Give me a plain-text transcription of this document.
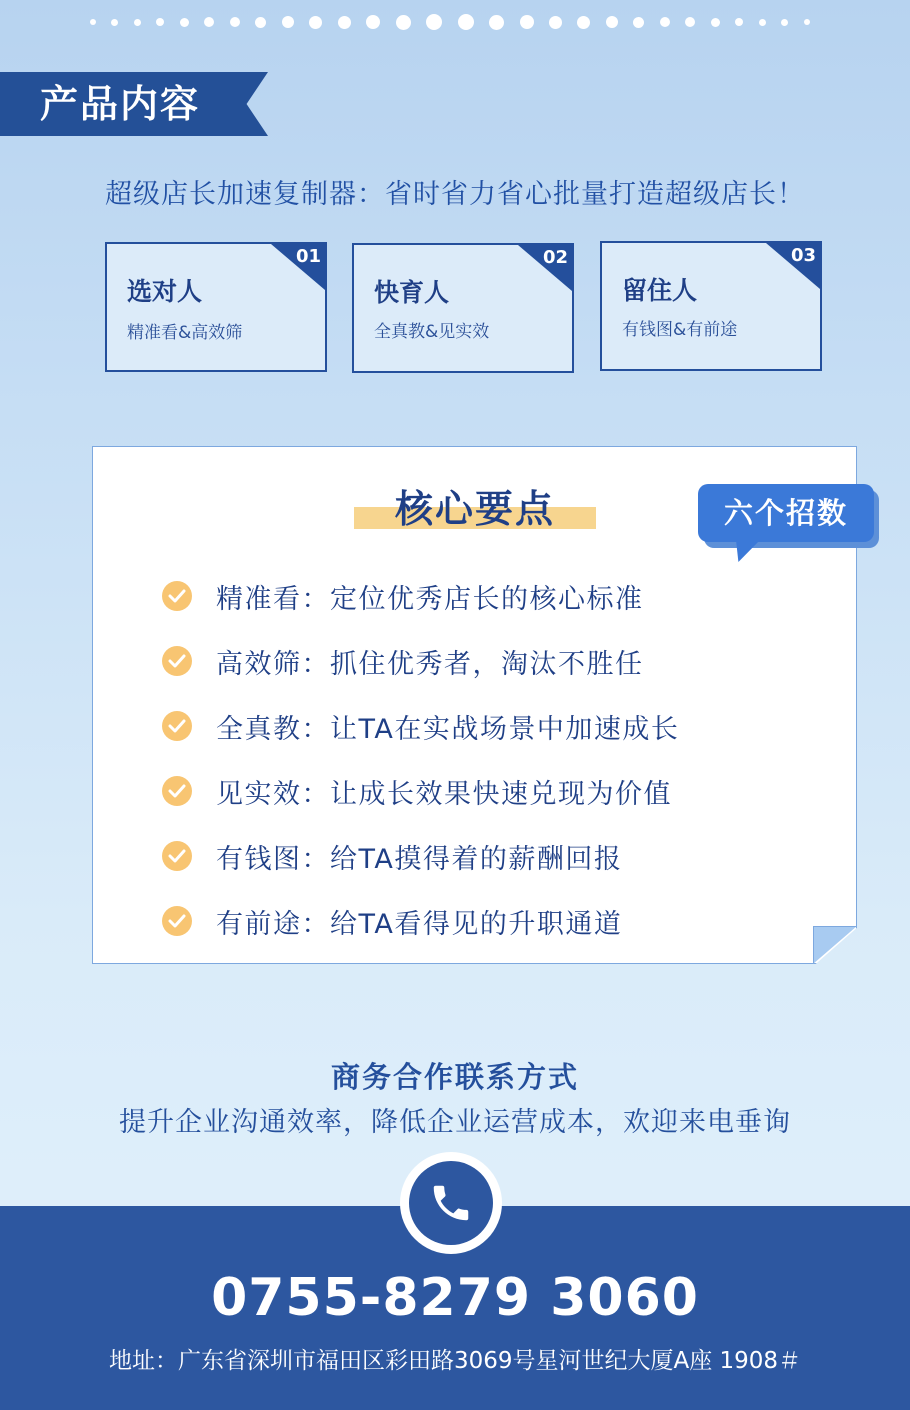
产品内容
超级店长加速复制器：省时省力省心批量打造超级店长！
01
选对人
精准看&高效筛
02
快育人
全真教&见实效
03
留住人
有钱图&有前途
核心要点	六个招数
精准看：定位优秀店长的核心标准
高效筛：抓住优秀者，淘汰不胜任
全真教：让TA在实战场景中加速成长
见实效：让成长效果快速兑现为价值
有钱图：给TA摸得着的薪酬回报
有前途：给TA看得见的升职通道
商务合作联系方式
提升企业沟通效率，降低企业运营成本，欢迎来电垂询
0755-8279 3060
地址：广东省深圳市福田区彩田路3069号星河世纪大厦A座 1908＃
